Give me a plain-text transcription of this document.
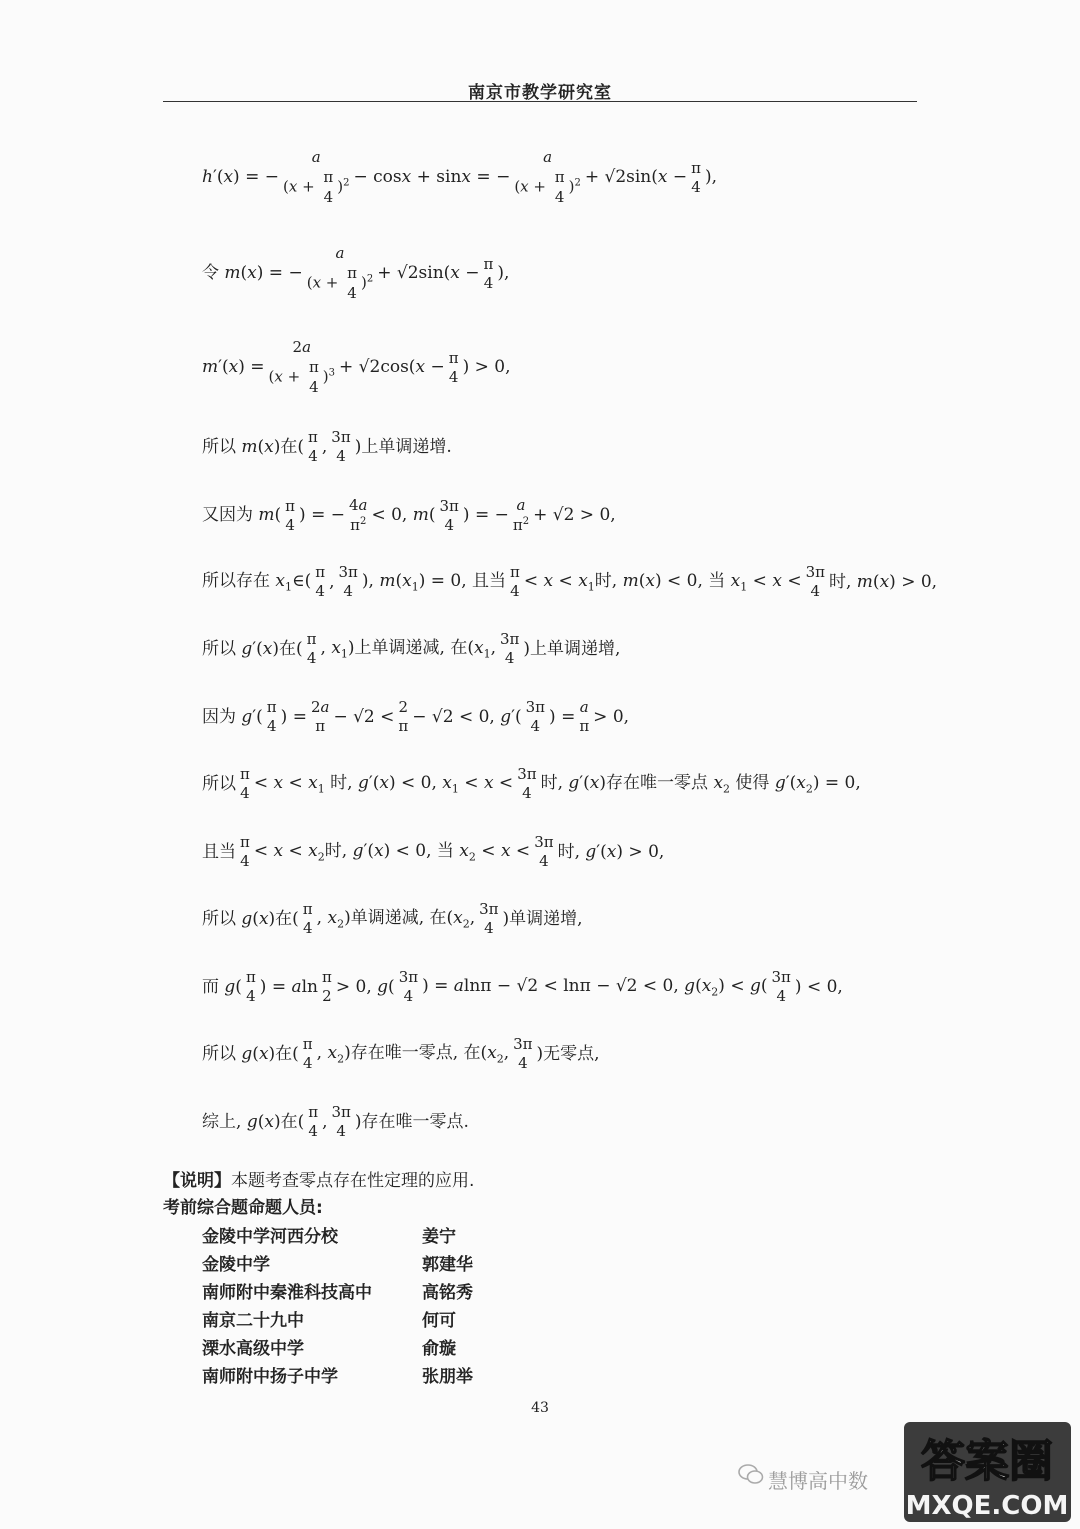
南京市教学研究室
h′(x) = −
a
(x +
π
4
)$^2$ − cosx + sinx = −
a
(x +
π
4
)$^2$ + √2sin(x − π
4 ),
令 m(x) = −
a
(x +
π
4
)$^2$ + √2sin(x − π
4 ),
m′(x) =
2a
(x +
π
4
)$^3$ + √2cos(x − π
4 ) > 0,
所以 m(x)在( π
4 , 3π
4 )上单调递增.
又因为 m( π
4 ) = −
4a
$\pi^2 < 0$, m( 3π
4 ) = −
a
$\pi^2 + √2 > 0$,
所以存在 $x_1\in$( π
4 , 3π
4
), $m(x_1) = 0$, 且当 π
4
< $x < x_1$时, m(x) < 0, 当 $x_1 < x < 3\pi$
4 时, m(x) > 0,
所以 g′(x)在( π
4
, $x_1$)上单调递减, 在($x_1$, 3π
4 )上单调递增,
因为 g′( π
4 ) = 2a
π − √2 < 2
π − √2 < 0, g′( 3π
4 ) = a
π > 0,
所以 π
4
< $x < x_1$ 时, g′(x) < 0, $x_1 < x < 3\pi$
4
时, g′(x)存在唯一零点 $x_2$ 使得 $g'(x_2) = 0$,
且当 π
4
< $x < x_2$时, g′(x) < 0, 当 $x_2 < x < 3\pi$
4 时, g′(x) > 0,
所以 g(x)在( π
4
, $x_2$)单调递减, 在($x_2$, 3π
4 )单调递增,
而 g( π
4 ) = aln π
2 > 0, g( 3π
4
) = alnπ − √2 < lnπ − √2 < 0, $g(x_2) < g$( 3π
4 ) < 0,
所以 g(x)在( π
4
, $x_2$)存在唯一零点, 在($x_2$, 3π
4 )无零点,
综上, g(x)在( π
4 , 3π
4 )存在唯一零点.
【说明】本题考查零点存在性定理的应用.
考前综合题命题人员:
金陵中学河西分校	姜宁
金陵中学	郭建华
南师附中秦淮科技高中	高铭秀
南京二十九中	何可
溧水高级中学	俞璇
南师附中扬子中学	张朋举
43
慧博高中数 答案圈
MXQE.COM
